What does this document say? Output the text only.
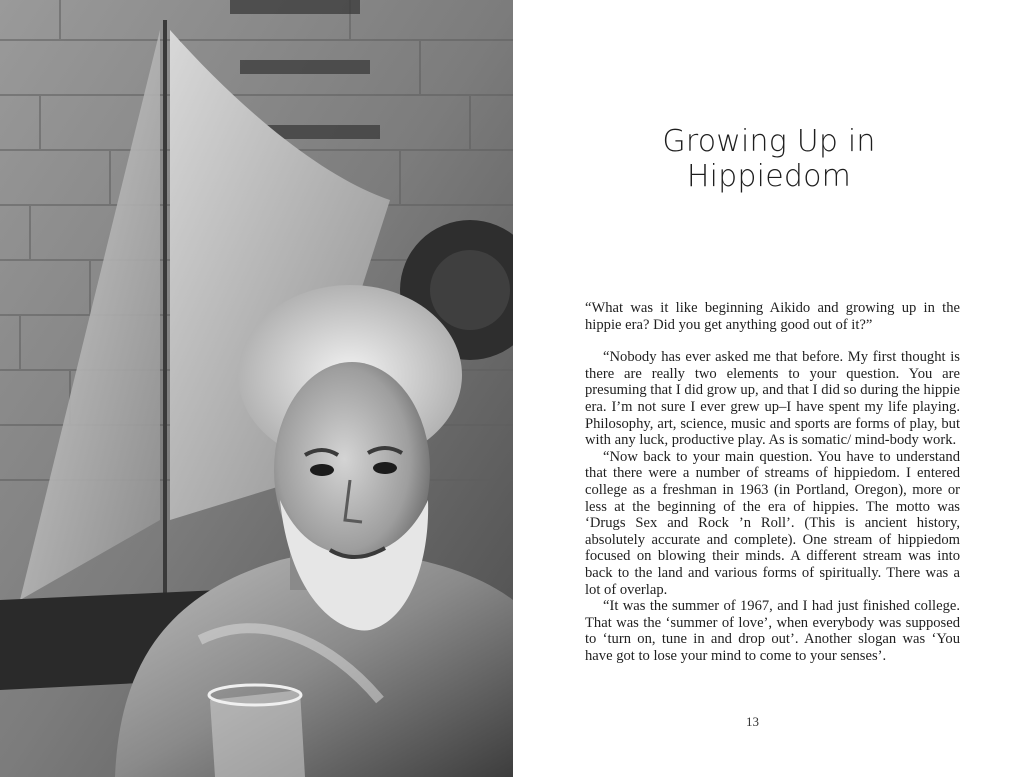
Growing Up in
Hippiedom

“What was it like beginning Aikido and growing up in the hippie era? Did you get anything good out of it?”

“Nobody has ever asked me that before. My first thought is there are really two elements to your question. You are presuming that I did grow up, and that I did so during the hippie era. I’m not sure I ever grew up–I have spent my life playing. Philosophy, art, science, music and sports are forms of play, but with any luck, productive play. As is somatic/ mind-body work.

“Now back to your main question. You have to understand that there were a number of streams of hippiedom. I entered college as a freshman in 1963 (in Portland, Oregon), more or less at the beginning of the era of hippies. The motto was ‘Drugs Sex and Rock ’n Roll’. (This is ancient history, absolutely accurate and complete). One stream of hippiedom focused on blowing their minds. A different stream was into back to the land and various forms of spiritually. There was a lot of overlap.

“It was the summer of 1967, and I had just finished college. That was the ‘summer of love’, when everybody was supposed to ‘turn on, tune in and drop out’. Another slogan was ‘You have got to lose your mind to come to your senses’.

13
